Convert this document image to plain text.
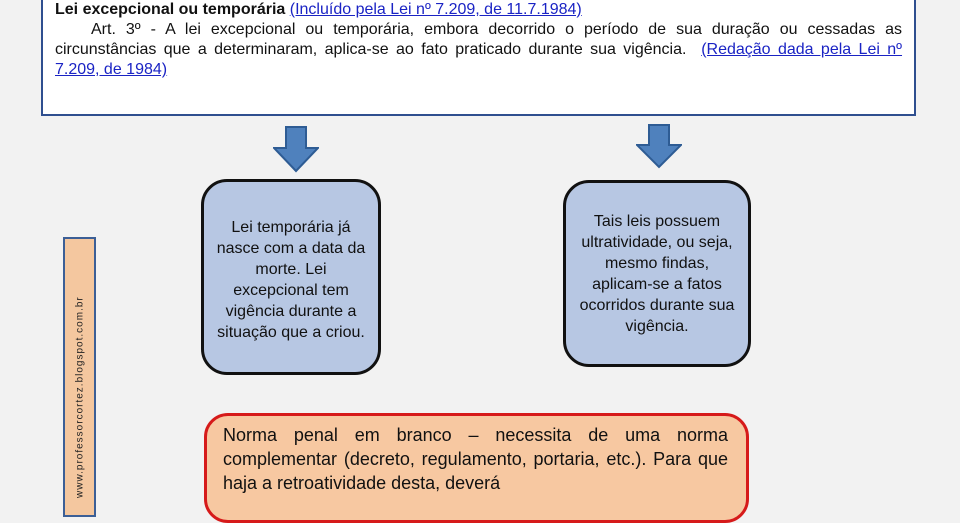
Lei excepcional ou temporária (Incluído pela Lei nº 7.209, de 11.7.1984)

Art. 3º - A lei excepcional ou temporária, embora decorrido o período de sua duração ou cessadas as circunstâncias que a determinaram, aplica-se ao fato praticado durante sua vigência. (Redação dada pela Lei nº 7.209, de 1984)

Lei temporária já nasce com a data da morte. Lei excepcional tem vigência durante a situação que a criou.
Tais leis possuem ultratividade, ou seja, mesmo findas, aplicam-se a fatos ocorridos durante sua vigência.
www.professorcortez.blogspot.com.br	Norma penal em branco – necessita de uma norma complementar (decreto, regulamento, portaria, etc.). Para que haja a retroatividade desta, deverá
